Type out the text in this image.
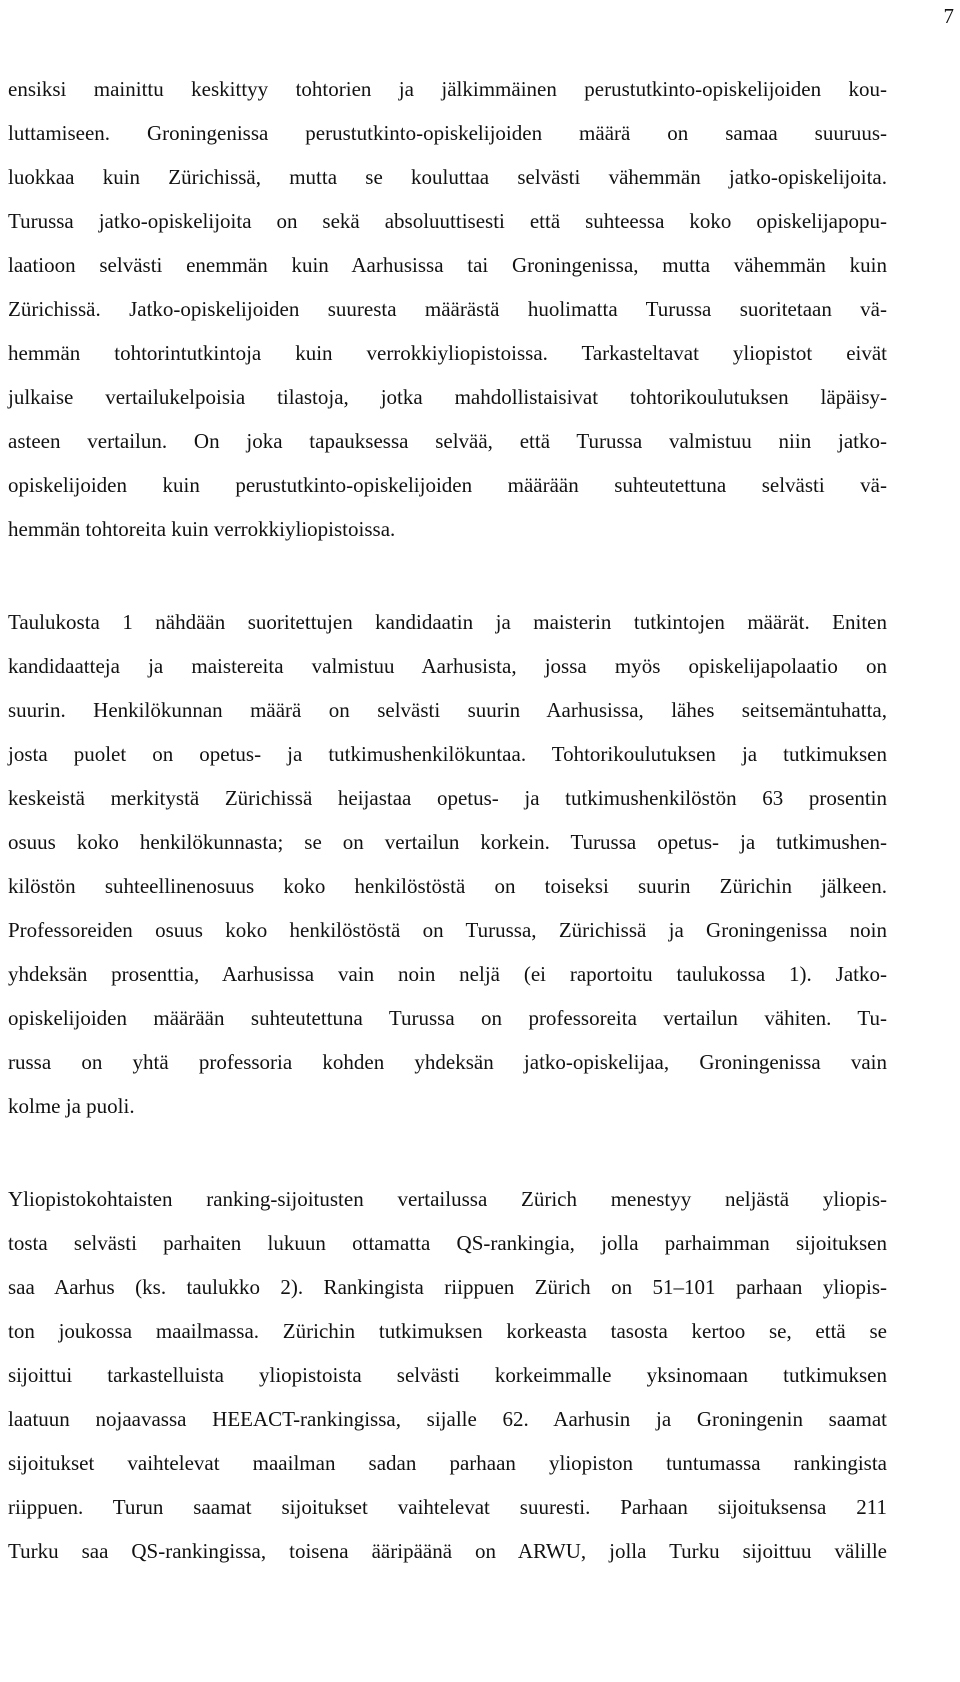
7
ensiksi mainittu keskittyy tohtorien ja jälkimmäinen perustutkinto-opiskelijoiden kou-
luttamiseen. Groningenissa perustutkinto-opiskelijoiden määrä on samaa suuruus-
luokkaa kuin Zürichissä, mutta se kouluttaa selvästi vähemmän jatko-opiskelijoita.
Turussa jatko-opiskelijoita on sekä absoluuttisesti että suhteessa koko opiskelijapopu-
laatioon selvästi enemmän kuin Aarhusissa tai Groningenissa, mutta vähemmän kuin
Zürichissä. Jatko-opiskelijoiden suuresta määrästä huolimatta Turussa suoritetaan vä-
hemmän tohtorintutkintoja kuin verrokkiyliopistoissa. Tarkasteltavat yliopistot eivät
julkaise vertailukelpoisia tilastoja, jotka mahdollistaisivat tohtorikoulutuksen läpäisy-
asteen vertailun. On joka tapauksessa selvää, että Turussa valmistuu niin jatko-
opiskelijoiden kuin perustutkinto-opiskelijoiden määrään suhteutettuna selvästi vä-
hemmän tohtoreita kuin verrokkiyliopistoissa.
Taulukosta 1 nähdään suoritettujen kandidaatin ja maisterin tutkintojen määrät. Eniten
kandidaatteja ja maistereita valmistuu Aarhusista, jossa myös opiskelijapolaatio on
suurin. Henkilökunnan määrä on selvästi suurin Aarhusissa, lähes seitsemäntuhatta,
josta puolet on opetus- ja tutkimushenkilökuntaa. Tohtorikoulutuksen ja tutkimuksen
keskeistä merkitystä Zürichissä heijastaa opetus- ja tutkimushenkilöstön 63 prosentin
osuus koko henkilökunnasta; se on vertailun korkein. Turussa opetus- ja tutkimushen-
kilöstön suhteellinenosuus koko henkilöstöstä on toiseksi suurin Zürichin jälkeen.
Professoreiden osuus koko henkilöstöstä on Turussa, Zürichissä ja Groningenissa noin
yhdeksän prosenttia, Aarhusissa vain noin neljä (ei raportoitu taulukossa 1). Jatko-
opiskelijoiden määrään suhteutettuna Turussa on professoreita vertailun vähiten. Tu-
russa on yhtä professoria kohden yhdeksän jatko-opiskelijaa, Groningenissa vain
kolme ja puoli.
Yliopistokohtaisten ranking-sijoitusten vertailussa Zürich menestyy neljästä yliopis-
tosta selvästi parhaiten lukuun ottamatta QS-rankingia, jolla parhaimman sijoituksen
saa Aarhus (ks. taulukko 2). Rankingista riippuen Zürich on 51–101 parhaan yliopis-
ton joukossa maailmassa. Zürichin tutkimuksen korkeasta tasosta kertoo se, että se
sijoittui tarkastelluista yliopistoista selvästi korkeimmalle yksinomaan tutkimuksen
laatuun nojaavassa HEEACT-rankingissa, sijalle 62. Aarhusin ja Groningenin saamat
sijoitukset vaihtelevat maailman sadan parhaan yliopiston tuntumassa rankingista
riippuen. Turun saamat sijoitukset vaihtelevat suuresti. Parhaan sijoituksensa 211
Turku saa QS-rankingissa, toisena ääripäänä on ARWU, jolla Turku sijoittuu välille
